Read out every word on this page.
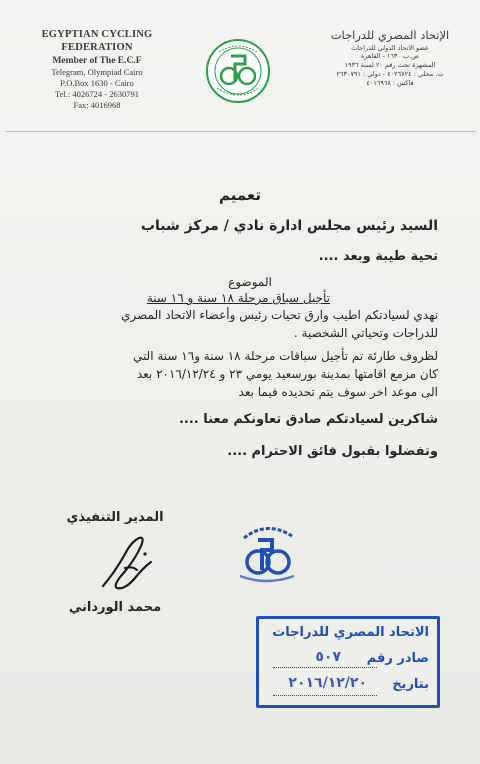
EGYPTIAN CYCLING FEDERATION
Member of The E.C.F
Telegram, Olympiad Cairo
P.O.Box 1630 - Cairo
Tel.: 4026724 - 2630791
Fax: 4016968
الإتحاد المصري للدراجات
عضو الاتحاد الدولي للدراجات
ص.ب ١٦٣٠ - القاهرة
المشهرة تحت رقم ٢٠ لسنة ١٩٣٦
ت. محلي : ٤٠٢٦٧٢٤ - دولي : ٢٦٣٠٧٩١
فاكس : ٤٠١٦٩٦٨
تعميم
السيد رئيس مجلس ادارة نادي / مركز شباب
تحية طيبة وبعد ....
الموضوع
تأجيل سباق مرحلة ١٨ سنة و ١٦ سنة
نهدي لسيادتكم اطيب وارق تحيات رئيس وأعضاء الاتحاد المصري
للدراجات وتحياتي الشخصية .
لظروف طارئة تم تأجيل سباقات مرحلة ١٨ سنة و١٦ سنة التي
كان مزمع اقامتها بمدينة بورسعيد يومي ٢٣ و ٢٠١٦/١٢/٢٤ بعد
الى موعد اخر سوف يتم تحديده فيما بعد
شاكرين لسيادتكم صادق تعاونكم معنا ....
وتفضلوا بقبول فائق الاحترام ....
المدير التنفيذي
محمد الورداني
الاتحاد المصري للدراجات
صادر رقم
٥٠٧
بتاريخ
٢٠١٦/١٢/٢٠
